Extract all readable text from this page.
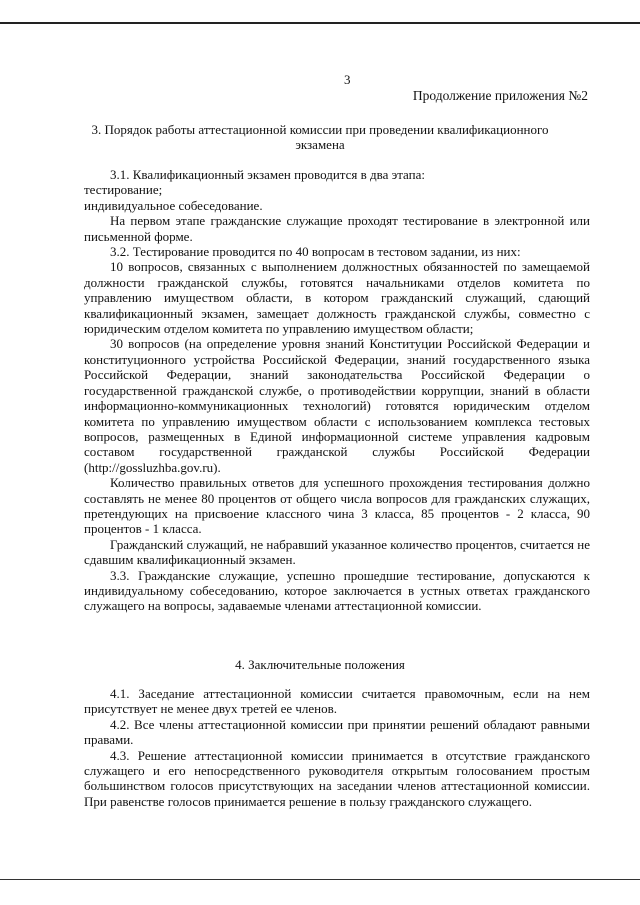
3
Продолжение приложения №2
3. Порядок работы аттестационной комиссии при проведении квалификационного экзамена

3.1. Квалификационный экзамен проводится в два этапа:

тестирование;

индивидуальное собеседование.

На первом этапе гражданские служащие проходят тестирование в электронной или письменной форме.

3.2. Тестирование проводится по 40 вопросам в тестовом задании, из них:

10 вопросов, связанных с выполнением должностных обязанностей по замещаемой должности гражданской службы, готовятся начальниками отделов комитета по управлению имуществом области, в котором гражданский служащий, сдающий квалификационный экзамен, замещает должность гражданской службы, совместно с юридическим отделом комитета по управлению имуществом области;

30 вопросов (на определение уровня знаний Конституции Российской Федерации и конституционного устройства Российской Федерации, знаний государственного языка Российской Федерации, знаний законодательства Российской Федерации о государственной гражданской службе, о противодействии коррупции, знаний в области информационно-коммуникационных технологий) готовятся юридическим отделом комитета по управлению имуществом области с использованием комплекса тестовых вопросов, размещенных в Единой информационной системе управления кадровым составом государственной гражданской службы Российской Федерации (http://gossluzhba.gov.ru).

Количество правильных ответов для успешного прохождения тестирования должно составлять не менее 80 процентов от общего числа вопросов для гражданских служащих, претендующих на присвоение классного чина 3 класса, 85 процентов - 2 класса, 90 процентов - 1 класса.

Гражданский служащий, не набравший указанное количество процентов, считается не сдавшим квалификационный экзамен.

3.3. Гражданские служащие, успешно прошедшие тестирование, допускаются к индивидуальному собеседованию, которое заключается в устных ответах гражданского служащего на вопросы, задаваемые членами аттестационной комиссии.

4. Заключительные положения

4.1. Заседание аттестационной комиссии считается правомочным, если на нем присутствует не менее двух третей ее членов.

4.2. Все члены аттестационной комиссии при принятии решений обладают равными правами.

4.3. Решение аттестационной комиссии принимается в отсутствие гражданского служащего и его непосредственного руководителя открытым голосованием простым большинством голосов присутствующих на заседании членов аттестационной комиссии. При равенстве голосов принимается решение в пользу гражданского служащего.
